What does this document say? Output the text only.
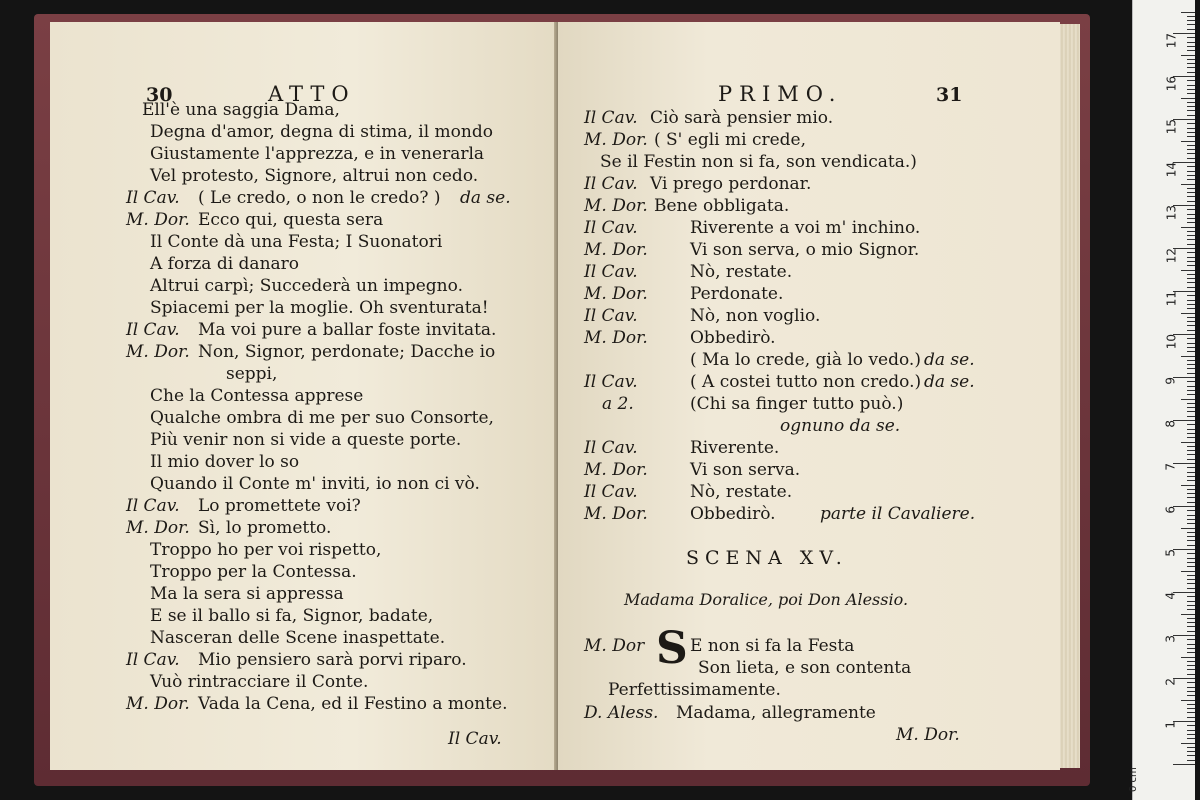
30	ATTO
Ell'è una saggia Dama,
Degna d'amor, degna di stima, il mondo
Giustamente l'apprezza, e in venerarla
Vel protesto, Signore, altrui non cedo.
Il Cav. ( Le credo, o non le credo? ) da se.
M. Dor. Ecco qui, questa sera
Il Conte dà una Festa; I Suonatori
A forza di danaro
Altrui carpì; Succederà un impegno.
Spiacemi per la moglie. Oh sventurata!
Il Cav. Ma voi pure a ballar foste invitata.
M. Dor. Non, Signor, perdonate; Dacche io
seppi,
Che la Contessa apprese
Qualche ombra di me per suo Consorte,
Più venir non si vide a queste porte.
Il mio dover lo so
Quando il Conte m' inviti, io non ci vò.
Il Cav. Lo promettete voi?
M. Dor. Sì, lo prometto.
Troppo ho per voi rispetto,
Troppo per la Contessa.
Ma la sera si appressa
E se il ballo si fa, Signor, badate,
Nasceran delle Scene inaspettate.
Il Cav. Mio pensiero sarà porvi riparo.
Vuò rintracciare il Conte.
M. Dor. Vada la Cena, ed il Festino a monte.
Il Cav.
PRIMO.	31
Il Cav. Ciò sarà pensier mio.
M. Dor. ( S' egli mi crede,
Se il Festin non si fa, son vendicata.)
Il Cav. Vi prego perdonar.
M. Dor. Bene obbligata.
Il Cav.	Riverente a voi m' inchino.
M. Dor. Vi son serva, o mio Signor.
Il Cav.	Nò, restate.
M. Dor. Perdonate.
Il Cav.	Nò, non voglio.
M. Dor. Obbedirò.
( Ma lo crede, già lo vedo.) da se.
Il Cav.	( A costei tutto non credo.) da se.
a 2.	(Chi sa finger tutto può.)
ognuno da se.
Il Cav.	Riverente.
M. Dor. Vi son serva.
Il Cav.	Nò, restate.
M. Dor. Obbedirò.	parte il Cavaliere.
SCENA XV.
Madama Doralice, poi Don Alessio.
M. Dor S E non si fa la Festa
Son lieta, e son contenta
Perfettissimamente.
D. Aless. Madama, allegramente
M. Dor.
0 cm
1
2
3
4
5
6
7
8
9
10
11
12
13
14
15
16
17
